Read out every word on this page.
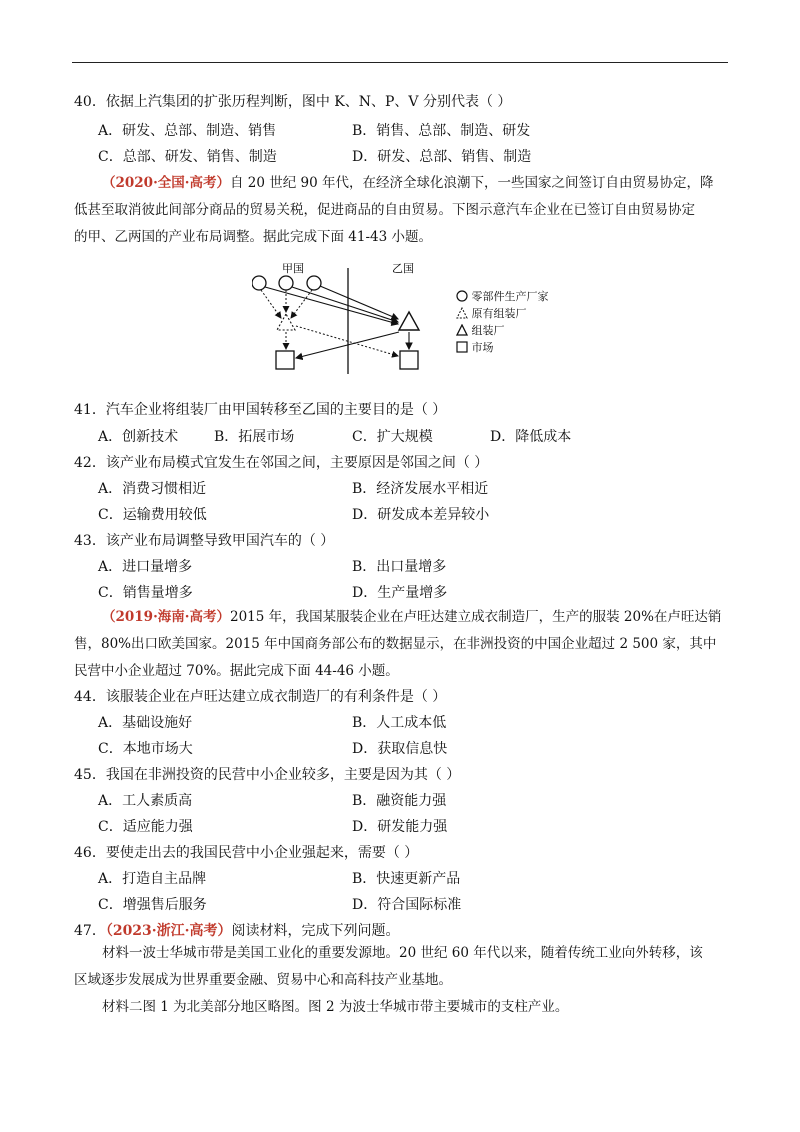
40．依据上汽集团的扩张历程判断，图中 K、N、P、V 分别代表（ ）
A．研发、总部、制造、销售	B．销售、总部、制造、研发
C．总部、研发、销售、制造	D．研发、总部、销售、制造
（2020·全国·高考）自 20 世纪 90 年代，在经济全球化浪潮下，一些国家之间签订自由贸易协定，降
低甚至取消彼此间部分商品的贸易关税，促进商品的自由贸易。下图示意汽车企业在已签订自由贸易协定
的甲、乙两国的产业布局调整。据此完成下面 41-43 小题。
甲国	乙国
零部件生产厂家
原有组装厂
组装厂
市场
41．汽车企业将组装厂由甲国转移至乙国的主要目的是（ ）
A．创新技术	B．拓展市场	C．扩大规模	D．降低成本
42．该产业布局模式宜发生在邻国之间，主要原因是邻国之间（ ）
A．消费习惯相近	B．经济发展水平相近
C．运输费用较低	D．研发成本差异较小
43．该产业布局调整导致甲国汽车的（ ）
A．进口量增多	B．出口量增多
C．销售量增多	D．生产量增多
（2019·海南·高考）2015 年，我国某服装企业在卢旺达建立成衣制造厂，生产的服装 20%在卢旺达销
售，80%出口欧美国家。2015 年中国商务部公布的数据显示，在非洲投资的中国企业超过 2 500 家，其中
民营中小企业超过 70%。据此完成下面 44-46 小题。
44．该服装企业在卢旺达建立成衣制造厂的有利条件是（ ）
A．基础设施好	B．人工成本低
C．本地市场大	D．获取信息快
45．我国在非洲投资的民营中小企业较多，主要是因为其（ ）
A．工人素质高	B．融资能力强
C．适应能力强	D．研发能力强
46．要使走出去的我国民营中小企业强起来，需要（ ）
A．打造自主品牌	B．快速更新产品
C．增强售后服务	D．符合国际标准
47．（2023·浙江·高考）阅读材料，完成下列问题。
材料一波士华城市带是美国工业化的重要发源地。20 世纪 60 年代以来，随着传统工业向外转移，该
区域逐步发展成为世界重要金融、贸易中心和高科技产业基地。
材料二图 1 为北美部分地区略图。图 2 为波士华城市带主要城市的支柱产业。
